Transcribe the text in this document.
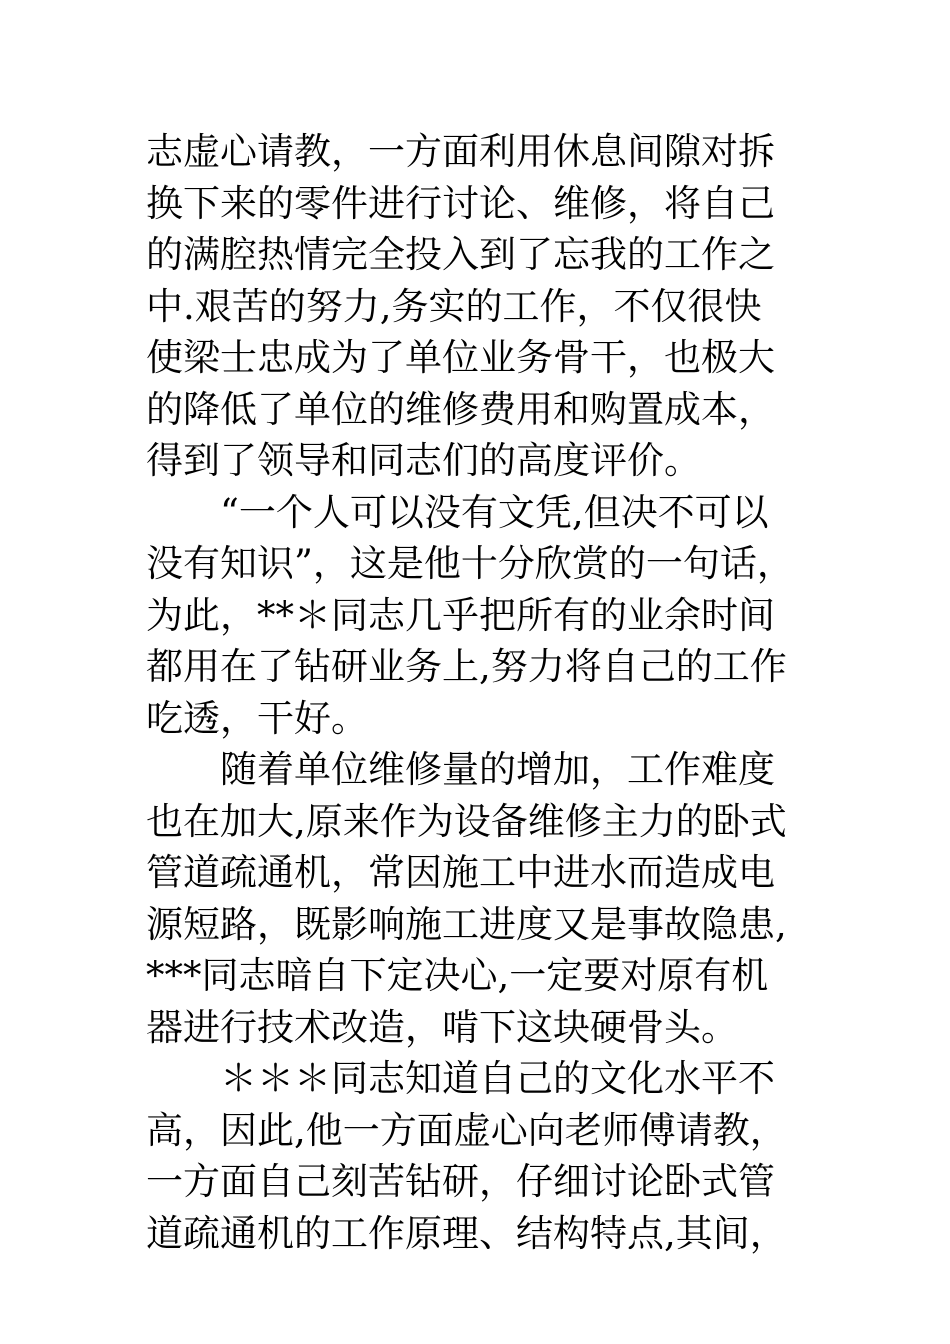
志虚心请教，一方面利用休息间隙对拆
换下来的零件进行讨论、维修，将自己
的满腔热情完全投入到了忘我的工作之
中.艰苦的努力,务实的工作，不仅很快
使梁士忠成为了单位业务骨干，也极大
的降低了单位的维修费用和购置成本，
得到了领导和同志们的高度评价。
“一个人可以没有文凭,但决不可以
没有知识”，这是他十分欣赏的一句话，
为此，**＊同志几乎把所有的业余时间
都用在了钻研业务上,努力将自己的工作
吃透，干好。
随着单位维修量的增加，工作难度
也在加大,原来作为设备维修主力的卧式
管道疏通机，常因施工中进水而造成电
源短路，既影响施工进度又是事故隐患,
***同志暗自下定决心,一定要对原有机
器进行技术改造，啃下这块硬骨头。
＊＊＊同志知道自己的文化水平不
高，因此,他一方面虚心向老师傅请教，
一方面自己刻苦钻研，仔细讨论卧式管
道疏通机的工作原理、结构特点,其间，
